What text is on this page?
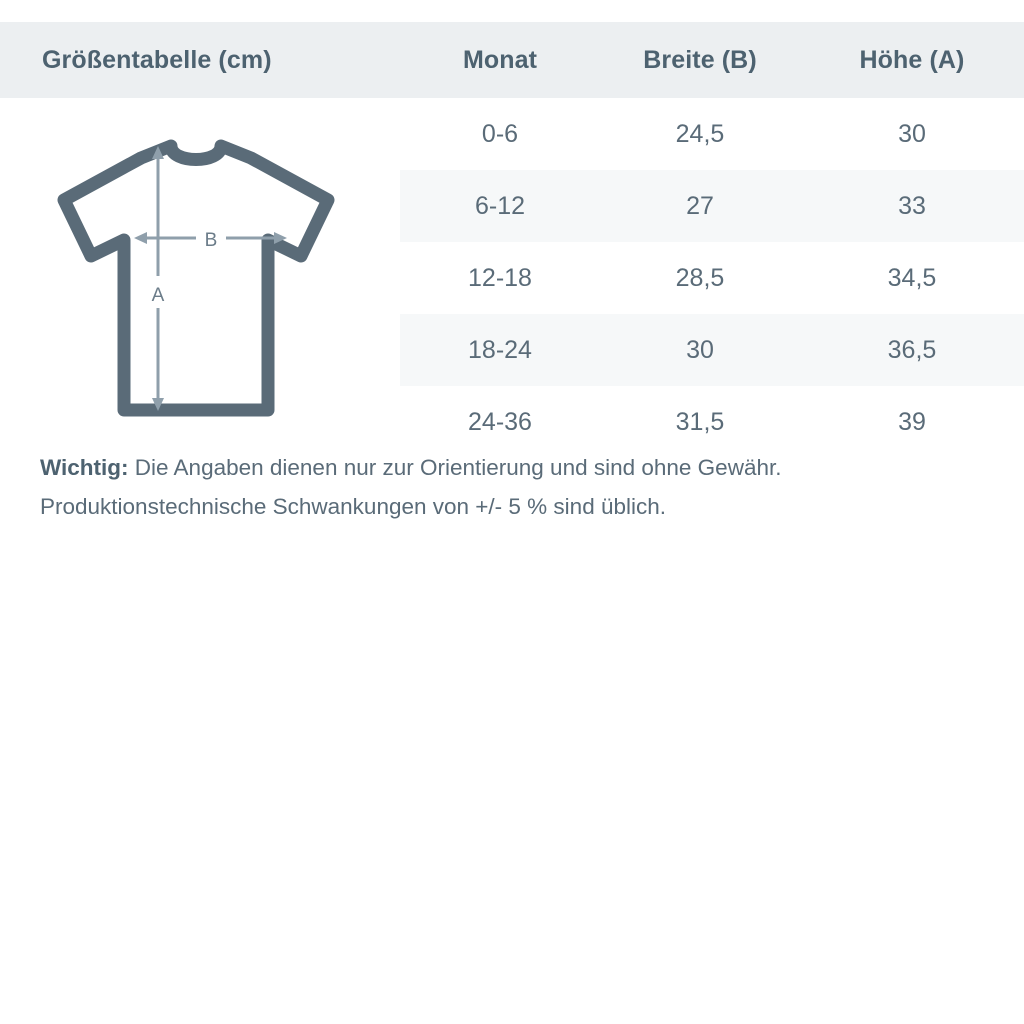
Größentabelle (cm)	Monat	Breite (B)	Höhe (A)
	0-6	24,5	30
	6-12	27	33
	12-18	28,5	34,5
	18-24	30	36,5
	24-36	31,5	39
A
B
Wichtig: Die Angaben dienen nur zur Orientierung und sind ohne Gewähr.
Produktionstechnische Schwankungen von +/- 5 % sind üblich.
